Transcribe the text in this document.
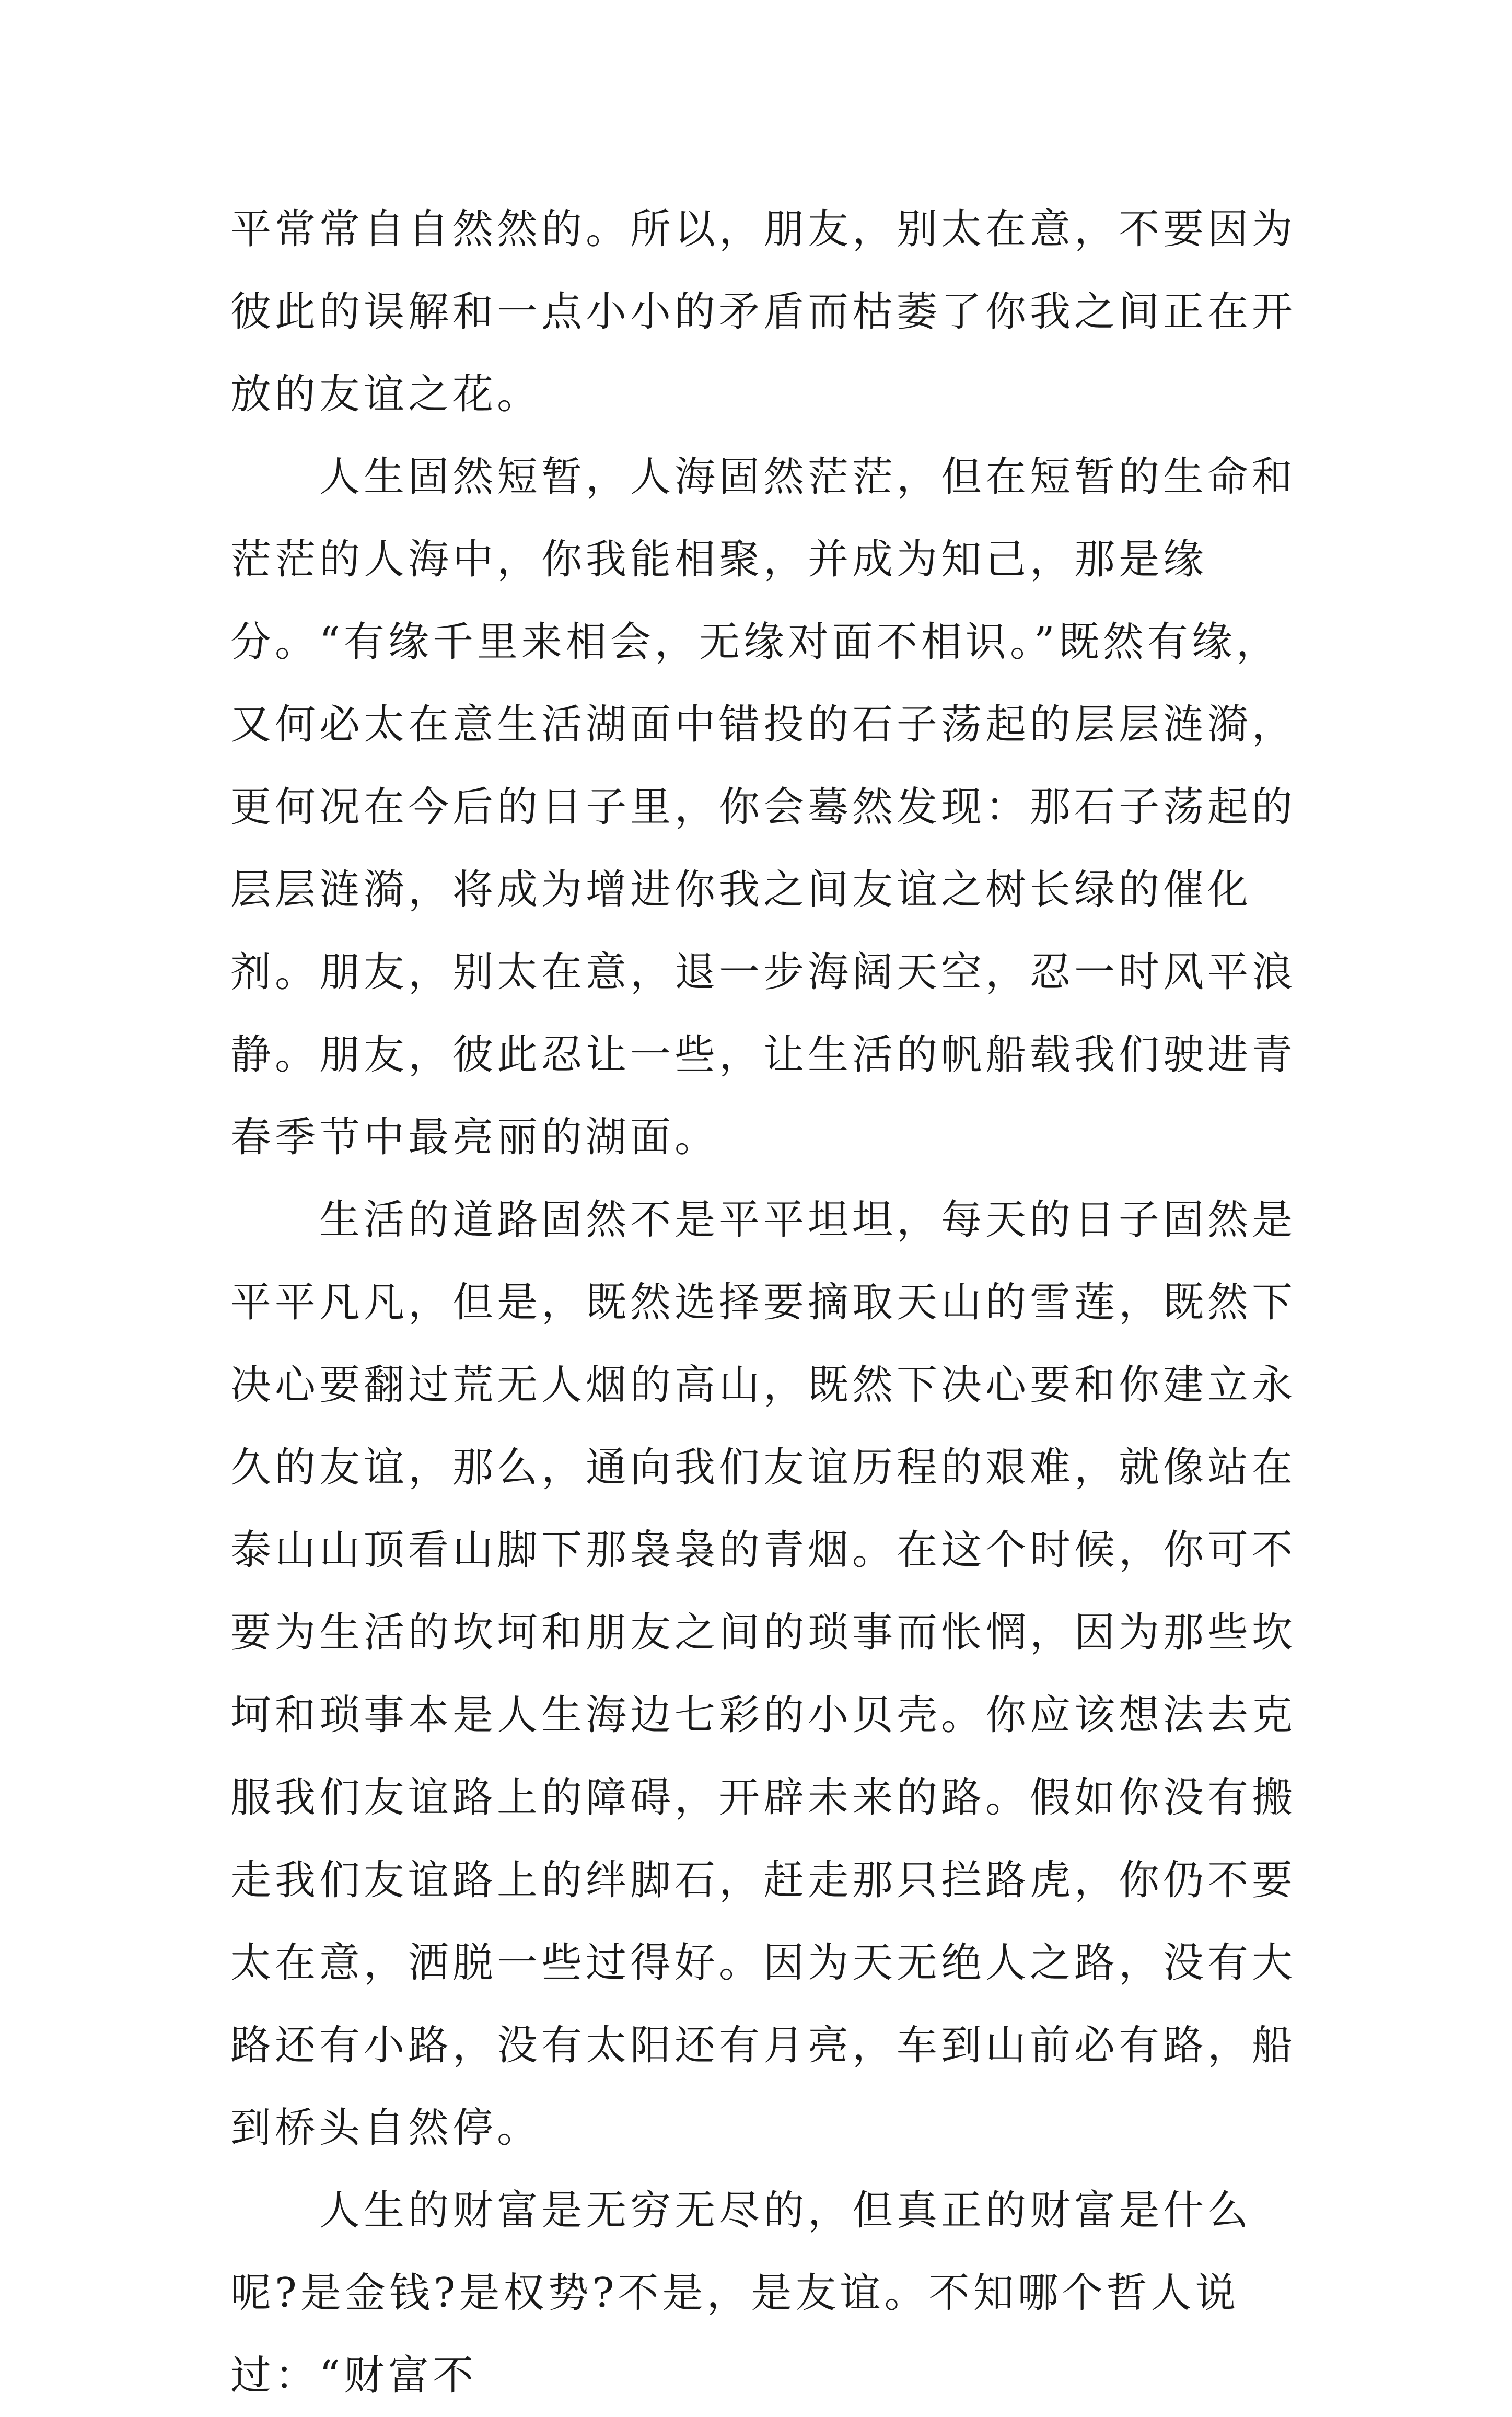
平常常自自然然的。所以，朋友，别太在意，不要因为彼此的误解和一点小小的矛盾而枯萎了你我之间正在开放的友谊之花。

人生固然短暂，人海固然茫茫，但在短暂的生命和茫茫的人海中，你我能相聚，并成为知己，那是缘分。“有缘千里来相会，无缘对面不相识。”既然有缘，又何必太在意生活湖面中错投的石子荡起的层层涟漪，更何况在今后的日子里，你会蓦然发现：那石子荡起的层层涟漪，将成为增进你我之间友谊之树长绿的催化剂。朋友，别太在意，退一步海阔天空，忍一时风平浪静。朋友，彼此忍让一些，让生活的帆船载我们驶进青春季节中最亮丽的湖面。

生活的道路固然不是平平坦坦，每天的日子固然是平平凡凡，但是，既然选择要摘取天山的雪莲，既然下决心要翻过荒无人烟的高山，既然下决心要和你建立永久的友谊，那么，通向我们友谊历程的艰难，就像站在泰山山顶看山脚下那袅袅的青烟。在这个时候，你可不要为生活的坎坷和朋友之间的琐事而怅惘，因为那些坎坷和琐事本是人生海边七彩的小贝壳。你应该想法去克服我们友谊路上的障碍，开辟未来的路。假如你没有搬走我们友谊路上的绊脚石，赶走那只拦路虎，你仍不要太在意，洒脱一些过得好。因为天无绝人之路，没有大路还有小路，没有太阳还有月亮，车到山前必有路，船到桥头自然停。

人生的财富是无穷无尽的，但真正的财富是什么呢?是金钱?是权势?不是，是友谊。不知哪个哲人说过：“财富不
